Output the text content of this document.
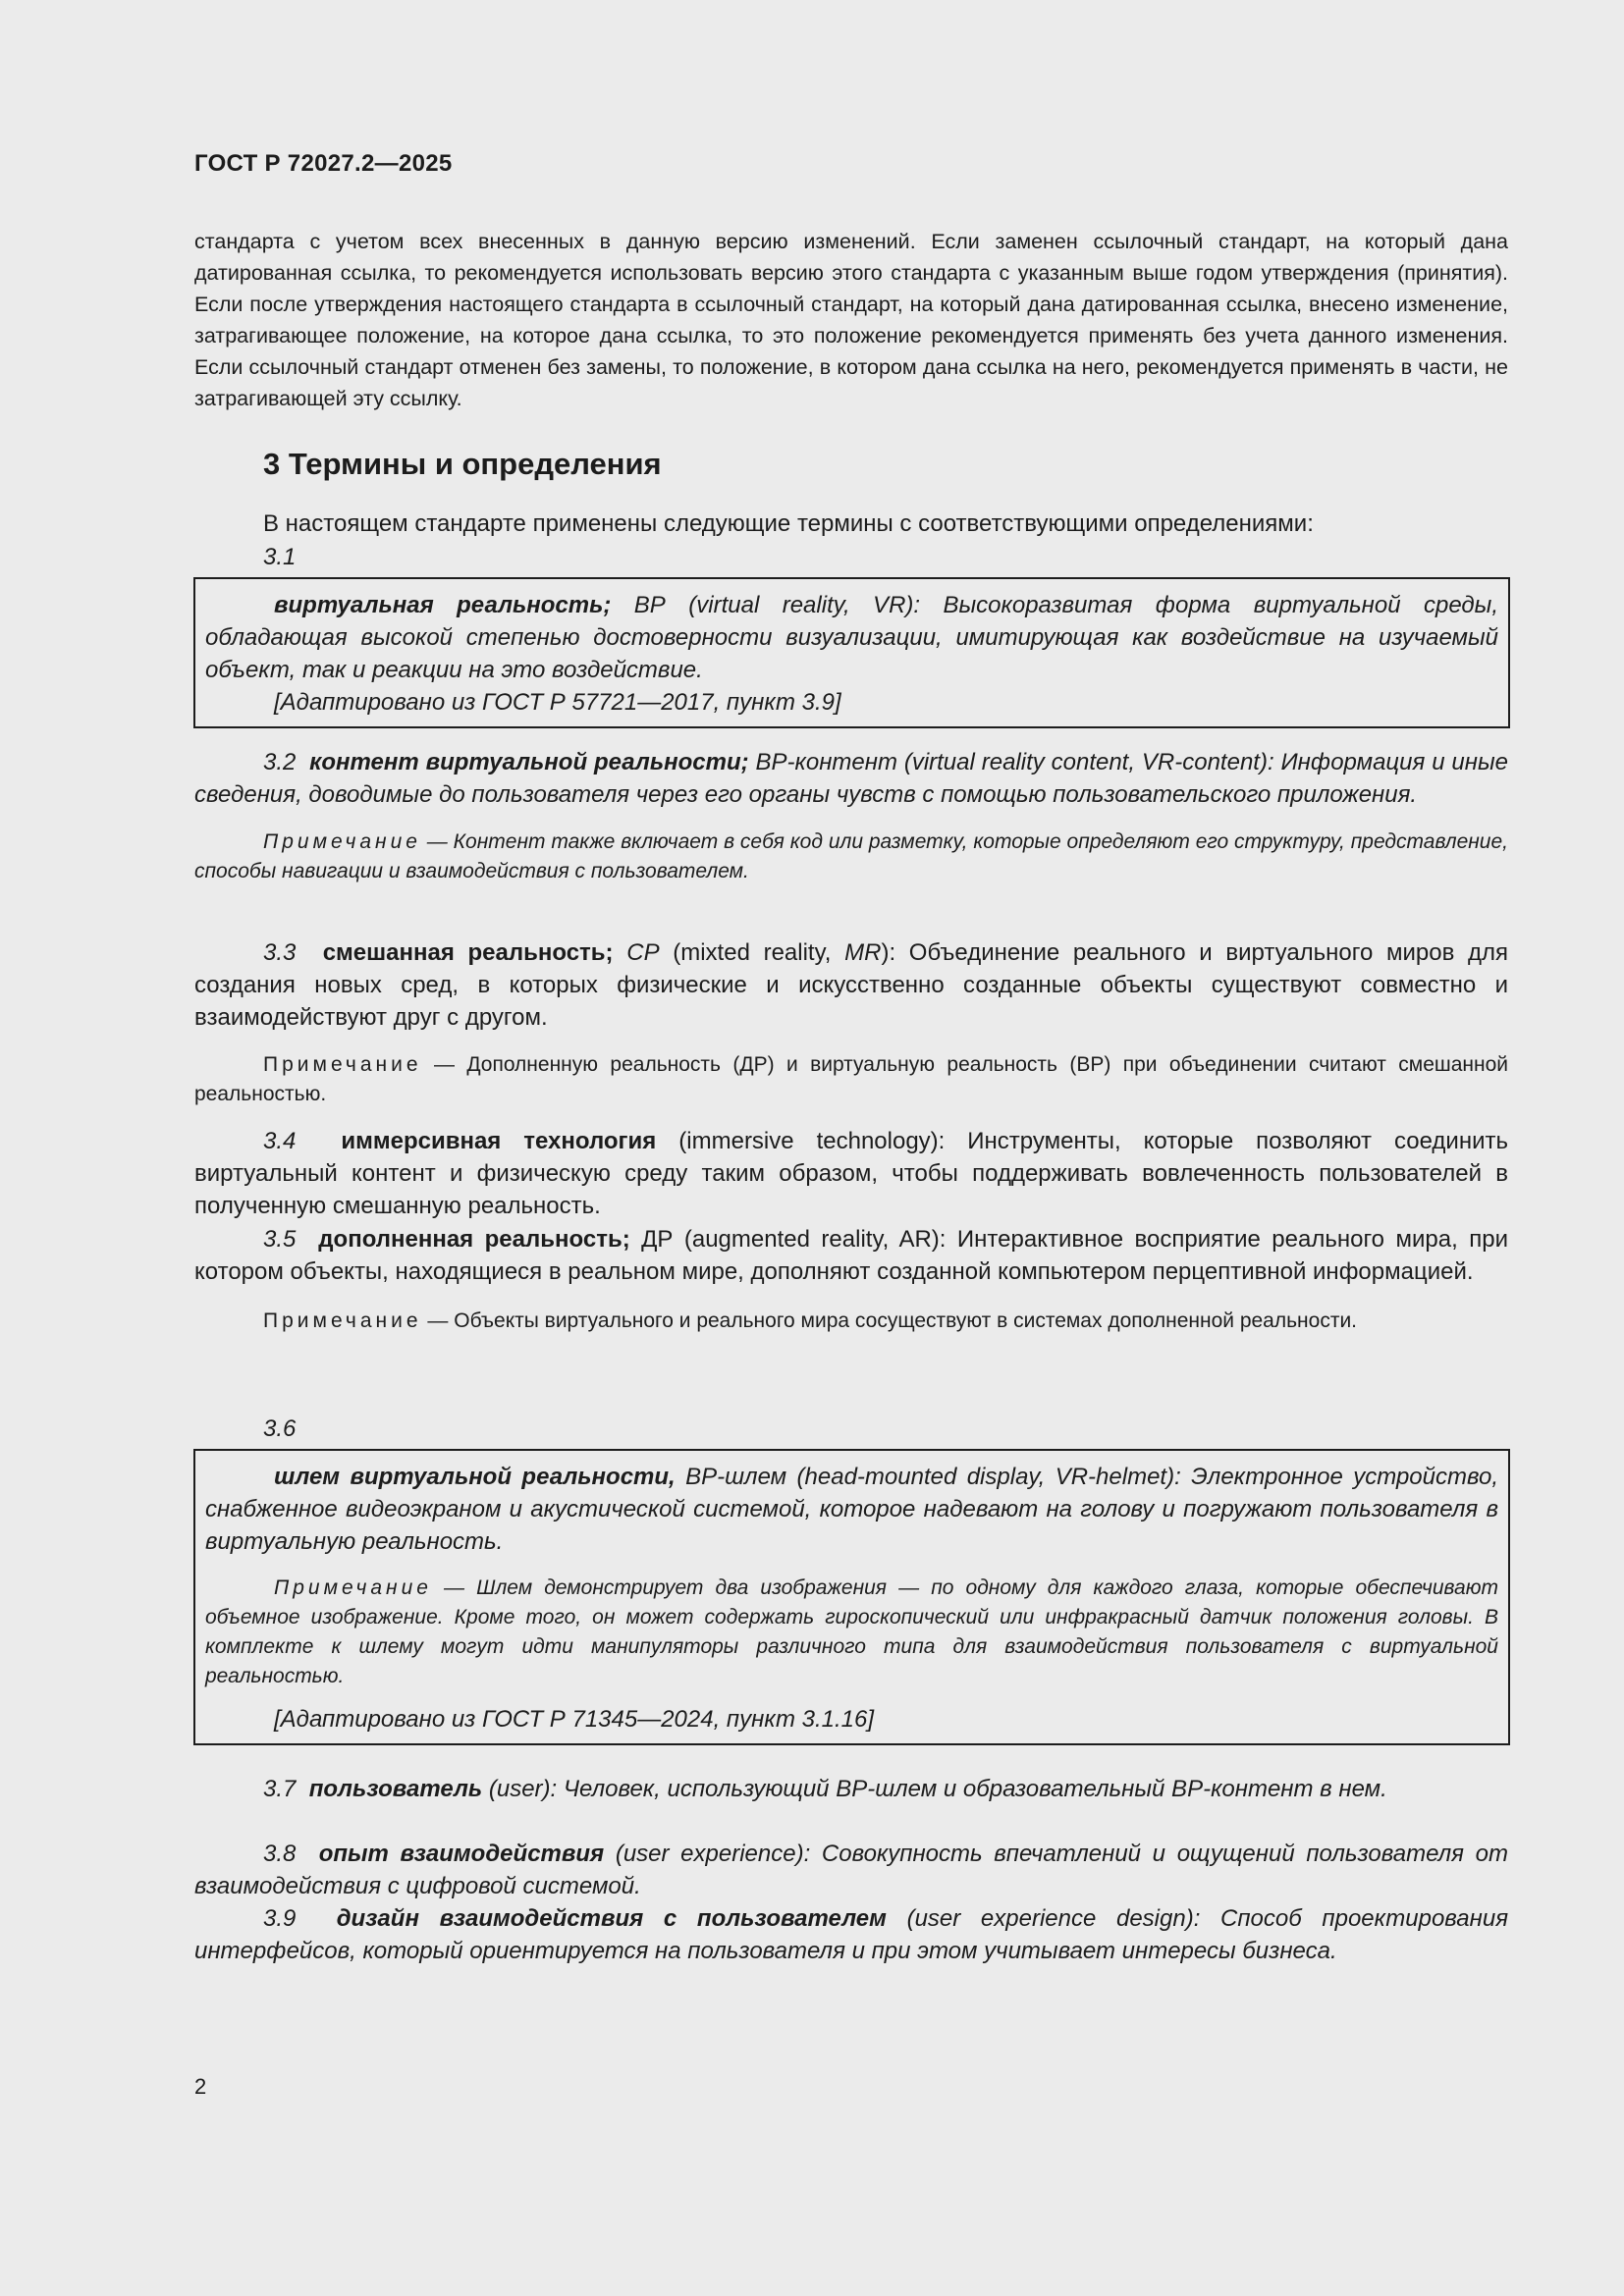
ГОСТ Р 72027.2—2025
стандарта с учетом всех внесенных в данную версию изменений. Если заменен ссылочный стандарт, на который дана датированная ссылка, то рекомендуется использовать версию этого стандарта с указанным выше годом утверждения (принятия). Если после утверждения настоящего стандарта в ссылочный стандарт, на который дана датированная ссылка, внесено изменение, затрагивающее положение, на которое дана ссылка, то это положение рекомендуется применять без учета данного изменения. Если ссылочный стандарт отменен без замены, то положение, в котором дана ссылка на него, рекомендуется применять в части, не затрагивающей эту ссылку.
3 Термины и определения
В настоящем стандарте применены следующие термины с соответствующими определениями:
3.1
виртуальная реальность; ВР (virtual reality, VR): Высокоразвитая форма виртуальной среды, обладающая высокой степенью достоверности визуализации, имитирующая как воздействие на изучаемый объект, так и реакции на это воздействие.
[Адаптировано из ГОСТ Р 57721—2017, пункт 3.9]
3.2 контент виртуальной реальности; ВР-контент (virtual reality content, VR-content): Информация и иные сведения, доводимые до пользователя через его органы чувств с помощью пользовательского приложения.
Примечание — Контент также включает в себя код или разметку, которые определяют его структуру, представление, способы навигации и взаимодействия с пользователем.
3.3 смешанная реальность; СР (mixted reality, MR): Объединение реального и виртуального миров для создания новых сред, в которых физические и искусственно созданные объекты существуют совместно и взаимодействуют друг с другом.
Примечание — Дополненную реальность (ДР) и виртуальную реальность (ВР) при объединении считают смешанной реальностью.
3.4 иммерсивная технология (immersive technology): Инструменты, которые позволяют соединить виртуальный контент и физическую среду таким образом, чтобы поддерживать вовлеченность пользователей в полученную смешанную реальность.
3.5 дополненная реальность; ДР (augmented reality, AR): Интерактивное восприятие реального мира, при котором объекты, находящиеся в реальном мире, дополняют созданной компьютером перцептивной информацией.
Примечание — Объекты виртуального и реального мира сосуществуют в системах дополненной реальности.
3.6
шлем виртуальной реальности, ВР-шлем (head-mounted display, VR-helmet): Электронное устройство, снабженное видеоэкраном и акустической системой, которое надевают на голову и погружают пользователя в виртуальную реальность.
Примечание — Шлем демонстрирует два изображения — по одному для каждого глаза, которые обеспечивают объемное изображение. Кроме того, он может содержать гироскопический или инфракрасный датчик положения головы. В комплекте к шлему могут идти манипуляторы различного типа для взаимодействия пользователя с виртуальной реальностью.
[Адаптировано из ГОСТ Р 71345—2024, пункт 3.1.16]
3.7 пользователь (user): Человек, использующий ВР-шлем и образовательный ВР-контент в нем.
3.8 опыт взаимодействия (user experience): Совокупность впечатлений и ощущений пользователя от взаимодействия с цифровой системой.
3.9 дизайн взаимодействия с пользователем (user experience design): Способ проектирования интерфейсов, который ориентируется на пользователя и при этом учитывает интересы бизнеса.
2
